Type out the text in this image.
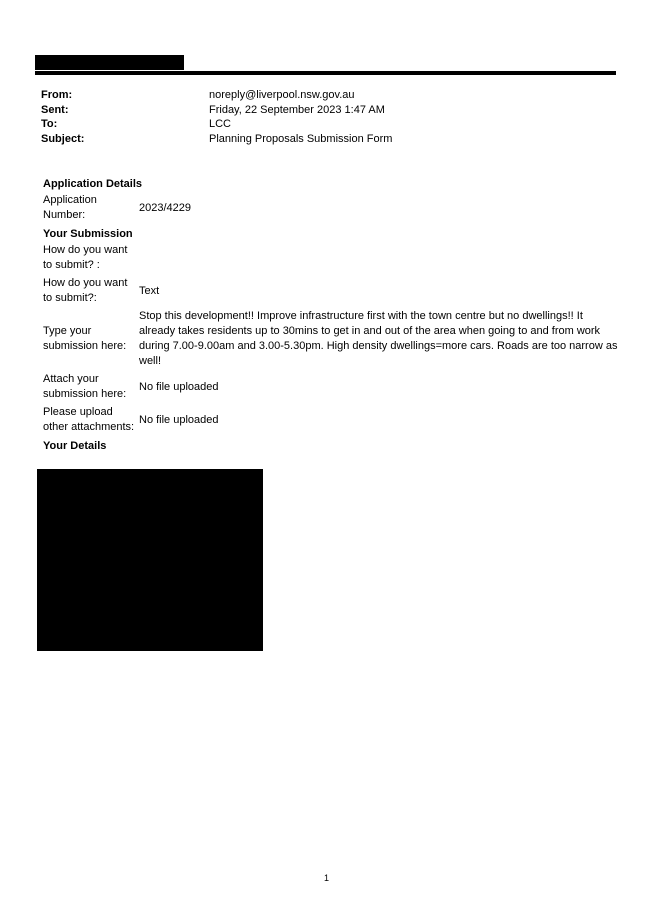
From:	noreply@liverpool.nsw.gov.au
Sent:	Friday, 22 September 2023 1:47 AM
To:	LCC
Subject:	Planning Proposals Submission Form
Application Details
Application Number:
2023/4229
Your Submission
How do you want to submit? :
How do you want to submit?:
Text
Type your submission here:
Stop this development!! Improve infrastructure first with the town centre but no dwellings!! It already takes residents up to 30mins to get in and out of the area when going to and from work during 7.00-9.00am and 3.00-5.30pm. High density dwellings=more cars. Roads are too narrow as well!
Attach your submission here:
No file uploaded
Please upload other attachments:
No file uploaded
Your Details
1
